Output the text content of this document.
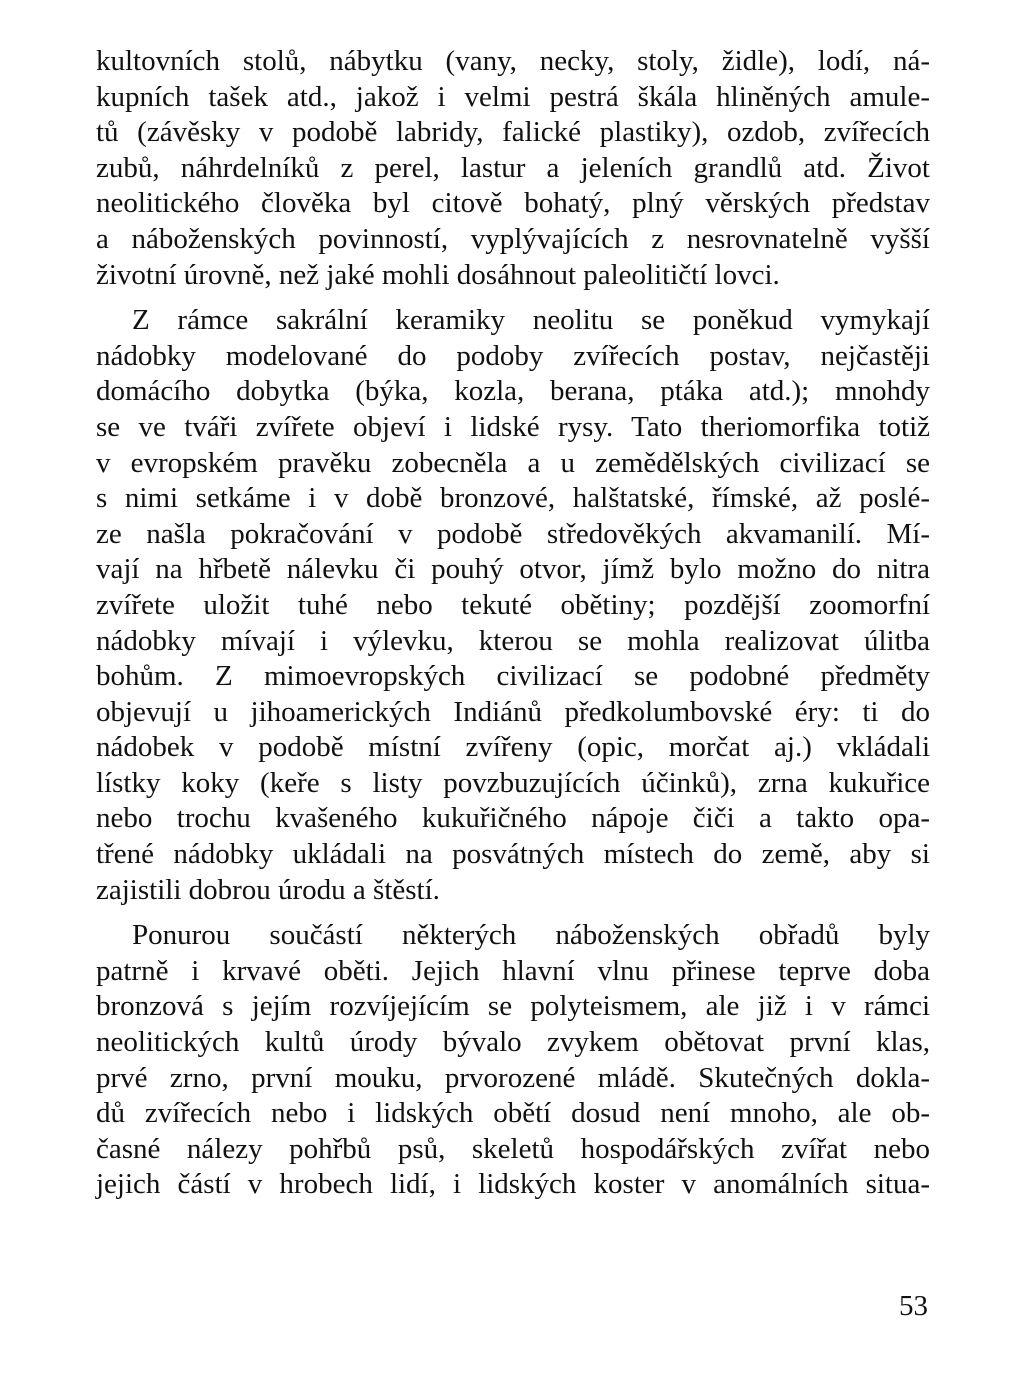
kultovních stolů, nábytku (vany, necky, stoly, židle), lodí, ná-
kupních tašek atd., jakož i velmi pestrá škála hliněných amule-
tů (závěsky v podobě labridy, falické plastiky), ozdob, zvířecích
zubů, náhrdelníků z perel, lastur a jeleních grandlů atd. Život
neolitického člověka byl citově bohatý, plný věrských představ
a náboženských povinností, vyplývajících z nesrovnatelně vyšší
životní úrovně, než jaké mohli dosáhnout paleolitičtí lovci.
Z rámce sakrální keramiky neolitu se poněkud vymykají
nádobky modelované do podoby zvířecích postav, nejčastěji
domácího dobytka (býka, kozla, berana, ptáka atd.); mnohdy
se ve tváři zvířete objeví i lidské rysy. Tato theriomorfika totiž
v evropském pravěku zobecněla a u zemědělských civilizací se
s nimi setkáme i v době bronzové, halštatské, římské, až poslé-
ze našla pokračování v podobě středověkých akvamanilí. Mí-
vají na hřbetě nálevku či pouhý otvor, jímž bylo možno do nitra
zvířete uložit tuhé nebo tekuté obětiny; pozdější zoomorfní
nádobky mívají i výlevku, kterou se mohla realizovat úlitba
bohům. Z mimoevropských civilizací se podobné předměty
objevují u jihoamerických Indiánů předkolumbovské éry: ti do
nádobek v podobě místní zvířeny (opic, morčat aj.) vkládali
lístky koky (keře s listy povzbuzujících účinků), zrna kukuřice
nebo trochu kvašeného kukuřičného nápoje čiči a takto opa-
třené nádobky ukládali na posvátných místech do země, aby si
zajistili dobrou úrodu a štěstí.
Ponurou součástí některých náboženských obřadů byly
patrně i krvavé oběti. Jejich hlavní vlnu přinese teprve doba
bronzová s jejím rozvíjejícím se polyteismem, ale již i v rámci
neolitických kultů úrody bývalo zvykem obětovat první klas,
prvé zrno, první mouku, prvorozené mládě. Skutečných dokla-
dů zvířecích nebo i lidských obětí dosud není mnoho, ale ob-
časné nálezy pohřbů psů, skeletů hospodářských zvířat nebo
jejich částí v hrobech lidí, i lidských koster v anomálních situa-
53
